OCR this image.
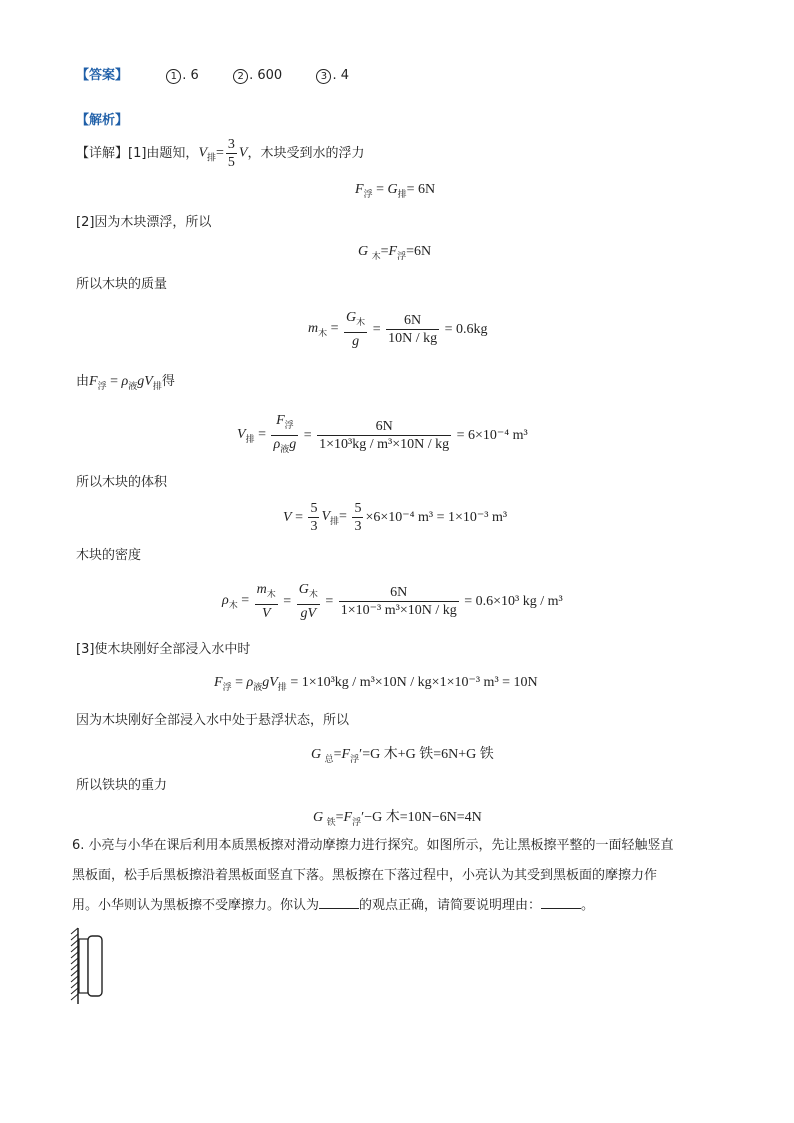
【答案】	1 . 6	2 . 600	3 . 4
【解析】
【详解】[1]由题知，$V_排= \frac{3}{5}$ V，木块受到水的浮力
$F_浮 = G_排= 6N$
[2]因为木块漂浮，所以
G $_木=F_浮=6N$
所以木块的质量
$m_木 = \frac{G_木}{g} = \frac{6N}{10N / kg} = 0.6kg$
由$F_浮 = \rho_液gV_排$得
$V_排 = \frac{F_浮}{\rho_液g} = \frac{6N}{\text{1×10³kg / m³×10N / kg}} = 6\times 10^{-4}$ m³
所以木块的体积
$V = \frac{5}{3} V_排= \frac{5}{3} \times 6\times 10^{-4}$ m³ = 1×10⁻³ m³
木块的密度
$\rho_木 = \frac{m_木}{V} = \frac{G_木}{gV} = \frac{6N}{\text{1×10⁻³ m³×10N / kg}} = 0.6\times 10^3$ kg / m³
[3]使木块刚好全部浸入水中时
$F_浮 = \rho_液gV_排 = 1\times 10^3kg / m^3\times 10N / kg\times 1\times 10^{-3}$ m³ = 10N
因为木块刚好全部浸入水中处于悬浮状态，所以
G $_总=F_浮'=G$ 木+G 铁=6N+G 铁
所以铁块的重力
G $_铁=F_浮'-G$ 木=10N−6N=4N
6. 小亮与小华在课后利用本质黑板擦对滑动摩擦力进行探究。如图所示，先让黑板擦平整的一面轻触竖直
黑板面，松手后黑板擦沿着黑板面竖直下落。黑板擦在下落过程中，小亮认为其受到黑板面的摩擦力作
用。小华则认为黑板擦不受摩擦力。你认为	的观点正确，请简要说明理由：	。
